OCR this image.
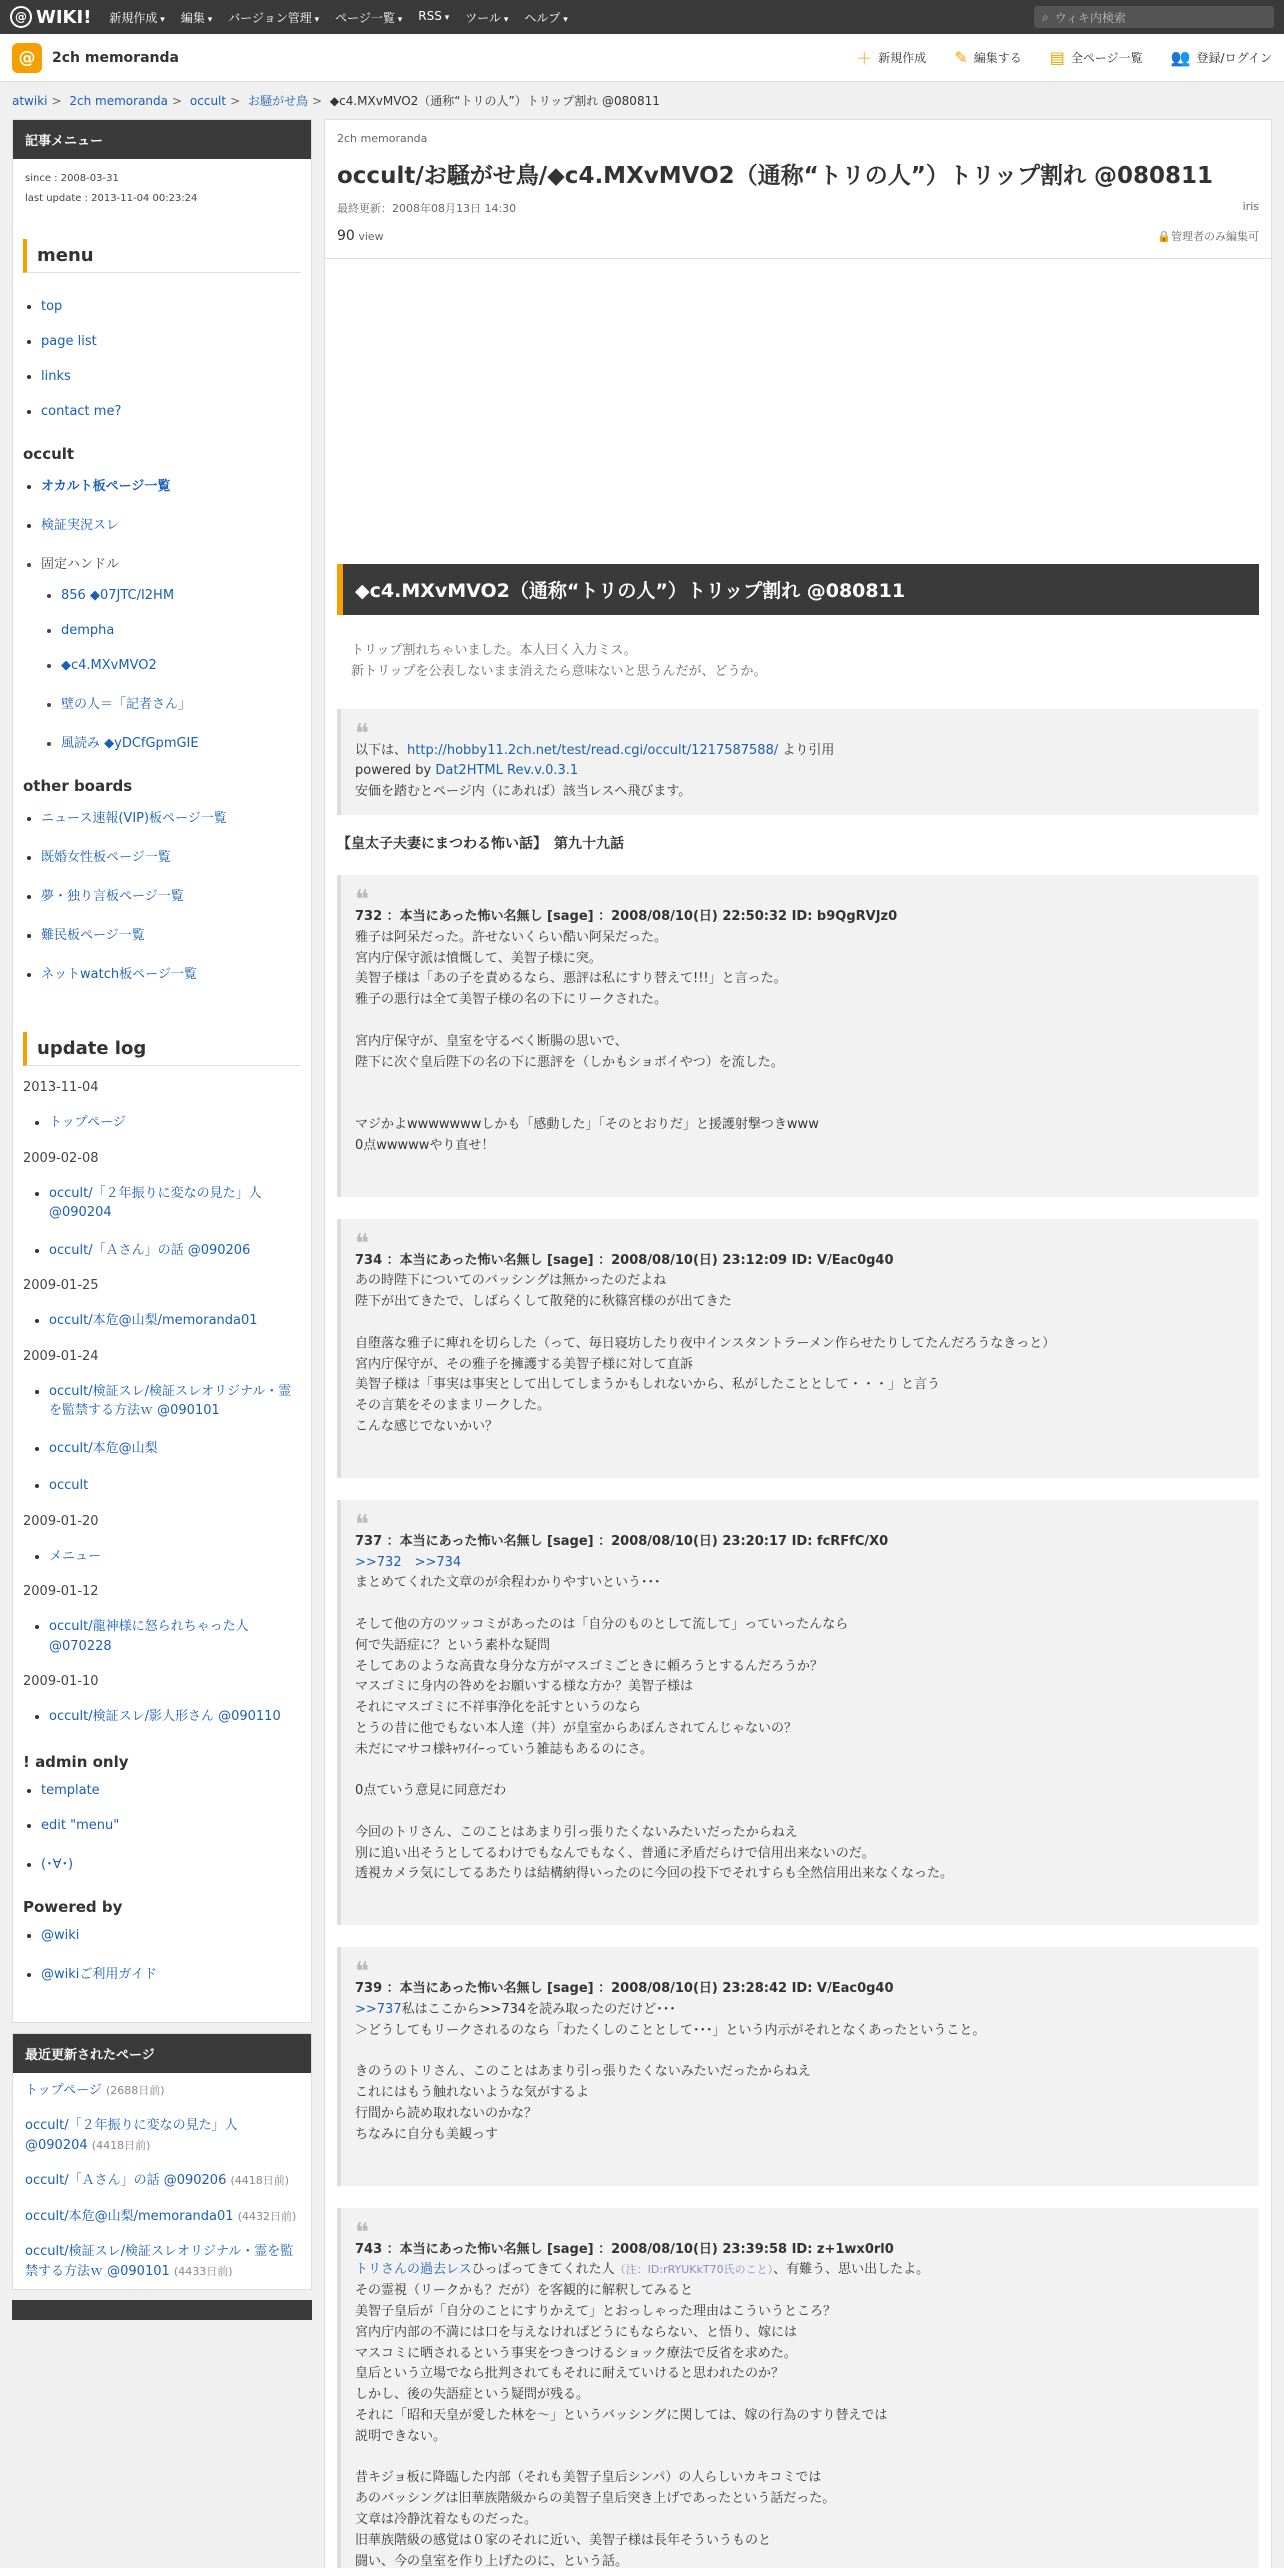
@ WIKI! 新規作成 ▾	編集 ▾	バージョン管理 ▾	ページ一覧 ▾	RSS ▾	ツール ▾	ヘルプ ▾	⌕ ウィキ内検索
@	2ch memoranda	＋ 新規作成 ✎ 編集する ▤ 全ページ一覧 👥 登録/ログイン
atwiki > 2ch memoranda > occult > お騒がせ鳥 > ◆c4.MXvMVO2（通称“トリの人”）トリップ割れ @080811
記事メニュー
since : 2008-03-31
last update : 2013-11-04 00:23:24
menu
• top
• page list
• links
• contact me?
occult
• オカルト板ページ一覧
• 検証実況スレ
• 固定ハンドル
• 856 ◆07JTC/I2HM
• dempha
• ◆c4.MXvMVO2
• 壁の人＝「記者さん」
• 風読み ◆yDCfGpmGIE
other boards
• ニュース速報(VIP)板ページ一覧
• 既婚女性板ページ一覧
• 夢・独り言板ページ一覧
• 難民板ページ一覧
• ネットwatch板ページ一覧
update log
2013-11-04
• トップページ
2009-02-08
• occult/「２年振りに変なの見た」人 @090204
• occult/「Ａさん」の話 @090206
2009-01-25
• occult/本危@山梨/memoranda01
2009-01-24
• occult/検証スレ/検証スレオリジナル・霊を監禁する方法ｗ @090101
• occult/本危@山梨
• occult
2009-01-20
• メニュー
2009-01-12
• occult/龍神様に怒られちゃった人 @070228
2009-01-10
• occult/検証スレ/影人形さん @090110
! admin only
• template
• edit "menu"
• (･∀･)
Powered by
• @wiki
• @wikiご利用ガイド
最近更新されたページ
トップページ (2688日前)
occult/「２年振りに変なの見た」人 @090204 (4418日前)
occult/「Ａさん」の話 @090206 (4418日前)
occult/本危@山梨/memoranda01 (4432日前)
occult/検証スレ/検証スレオリジナル・霊を監禁する方法ｗ @090101 (4433日前)
2ch memoranda
occult/お騒がせ鳥/◆c4.MXvMVO2（通称“トリの人”）トリップ割れ @080811
最終更新：2008年08月13日 14:30	iris
90 view	🔒管理者のみ編集可
◆c4.MXvMVO2（通称“トリの人”）トリップ割れ @080811

トリップ割れちゃいました。本人曰く入力ミス。
新トリップを公表しないまま消えたら意味ないと思うんだが、どうか。

❝
以下は、http://hobby11.2ch.net/test/read.cgi/occult/1217587588/ より引用
powered by Dat2HTML Rev.v.0.3.1
安価を踏むとページ内（にあれば）該当レスへ飛びます。
【皇太子夫妻にまつわる怖い話】　第九十九話
❝
732 ：本当にあった怖い名無し [sage] ：2008/08/10(日) 22:50:32 ID: b9QgRVJz0

雅子は阿呆だった。許せないくらい酷い阿呆だった。
宮内庁保守派は憤慨して、美智子様に突。
美智子様は「あの子を責めるなら、悪評は私にすり替えて!!!」と言った。
雅子の悪行は全て美智子様の名の下にリークされた。

宮内庁保守が、皇室を守るべく断腸の思いで、
陛下に次ぐ皇后陛下の名の下に悪評を（しかもショボイやつ）を流した。

マジかよwwwwwwwしかも「感動した」「そのとおりだ」と援護射撃つきwww
0点wwwwwやり直せ！

❝
734 ：本当にあった怖い名無し [sage] ：2008/08/10(日) 23:12:09 ID: V/Eac0g40

あの時陛下についてのバッシングは無かったのだよね
陛下が出てきたで、しばらくして散発的に秋篠宮様のが出てきた

自堕落な雅子に痺れを切らした（って、毎日寝坊したり夜中インスタントラーメン作らせたりしてたんだろうなきっと）
宮内庁保守が、その雅子を擁護する美智子様に対して直訴
美智子様は「事実は事実として出してしまうかもしれないから、私がしたこととして・・・」と言う
その言葉をそのままリークした。
こんな感じでないかい？

❝
737 ：本当にあった怖い名無し [sage] ：2008/08/10(日) 23:20:17 ID: fcRFfC/X0
>>732　>>734

まとめてくれた文章のが余程わかりやすいという･･･

そして他の方のツッコミがあったのは「自分のものとして流して」っていったんなら
何で失語症に？という素朴な疑問
そしてあのような高貴な身分な方がマスゴミごときに頼ろうとするんだろうか？
マスゴミに身内の咎めをお願いする様な方か？美智子様は
それにマスゴミに不祥事浄化を託すというのなら
とうの昔に他でもない本人達（丼）が皇室からあぼんされてんじゃないの？
未だにマサコ様ｷｬﾜｲｲｰっていう雑誌もあるのにさ。

0点ていう意見に同意だわ

今回のトリさん、このことはあまり引っ張りたくないみたいだったからねえ
別に追い出そうとしてるわけでもなんでもなく、普通に矛盾だらけで信用出来ないのだ。
透視カメラ気にしてるあたりは結構納得いったのに今回の投下でそれすらも全然信用出来なくなった。

❝
739 ：本当にあった怖い名無し [sage] ：2008/08/10(日) 23:28:42 ID: V/Eac0g40
>>737私はここから>>734を読み取ったのだけど･･･

＞どうしてもリークされるのなら「わたくしのこととして･･･」という内示がそれとなくあったということ。

きのうのトリさん、このことはあまり引っ張りたくないみたいだったからねえ
これにはもう触れないような気がするよ
行間から読め取れないのかな？
ちなみに自分も美観っす

❝
743 ：本当にあった怖い名無し [sage] ：2008/08/10(日) 23:39:58 ID: z+1wx0rl0
トリさんの過去レスひっぱってきてくれた人（注：ID:rRYUKkT70氏のこと）、有難う、思い出したよ。

その霊視（リークかも？だが）を客観的に解釈してみると
美智子皇后が「自分のことにすりかえて」とおっしゃった理由はこういうところ？
宮内庁内部の不満には口を与えなければどうにもならない、と悟り、嫁には
マスコミに晒されるという事実をつきつけるショック療法で反省を求めた。
皇后という立場でなら批判されてもそれに耐えていけると思われたのか？
しかし、後の失語症という疑問が残る。
それに「昭和天皇が愛した林を〜」というバッシングに関しては、嫁の行為のすり替えでは
説明できない。

昔キジョ板に降臨した内部（それも美智子皇后シンパ）の人らしいカキコミでは
あのバッシングは旧華族階級からの美智子皇后突き上げであったという話だった。
文章は冷静沈着なものだった。
旧華族階級の感覚は０家のそれに近い、美智子様は長年そういうものと
闘い、今の皇室を作り上げたのに、という話。
